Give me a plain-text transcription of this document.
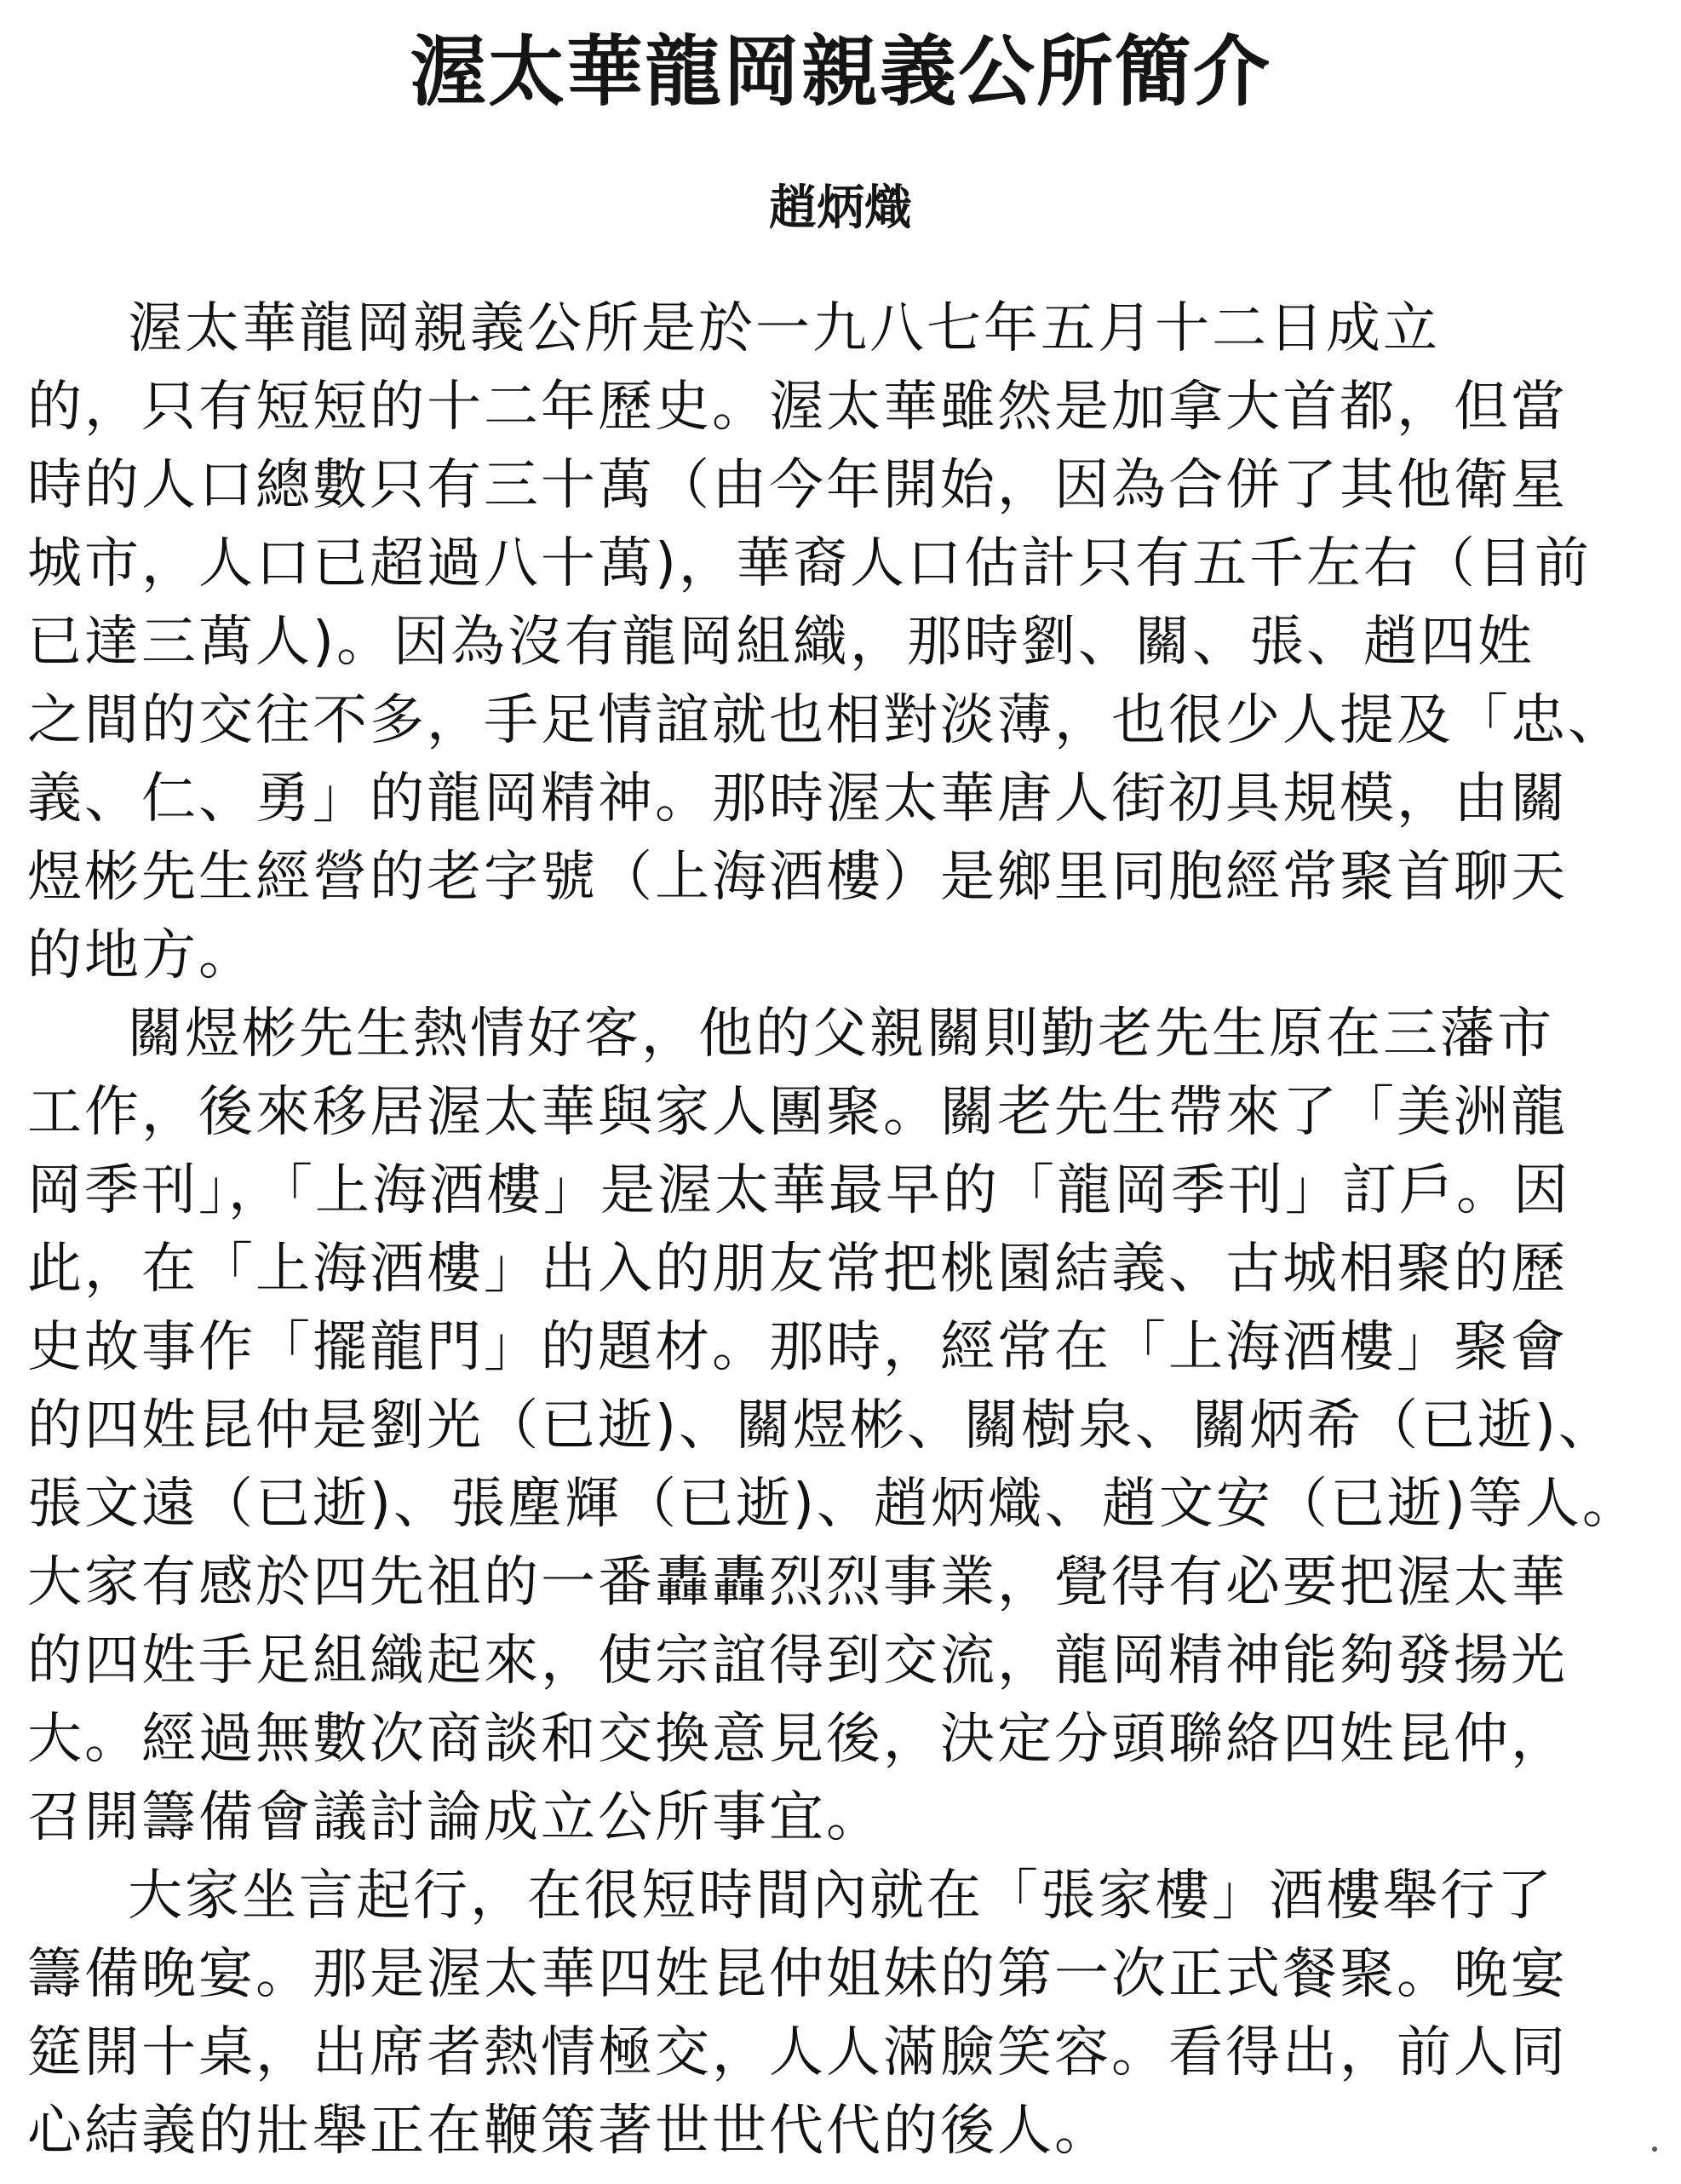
渥太華龍岡親義公所簡介
趙炳熾
渥太華龍岡親義公所是於一九八七年五月十二日成立
的，只有短短的十二年歷史。渥太華雖然是加拿大首都，但當
時的人口總數只有三十萬（由今年開始，因為合併了其他衛星
城市，人口已超過八十萬)，華裔人口估計只有五千左右（目前
已達三萬人)。因為沒有龍岡組織，那時劉、關、張、趙四姓
之間的交往不多，手足情誼就也相對淡薄，也很少人提及「忠、
義、仁、勇」的龍岡精神。那時渥太華唐人街初具規模，由關
煜彬先生經營的老字號（上海酒樓）是鄉里同胞經常聚首聊天
的地方。
關煜彬先生熱情好客，他的父親關則勤老先生原在三藩市
工作，後來移居渥太華與家人團聚。關老先生帶來了「美洲龍
岡季刊」，「上海酒樓」是渥太華最早的「龍岡季刊」訂戶。因
此，在「上海酒樓」出入的朋友常把桃園結義、古城相聚的歷
史故事作「擺龍門」的題材。那時，經常在「上海酒樓」聚會
的四姓昆仲是劉光（已逝)、關煜彬、關樹泉、關炳希（已逝)、
張文遠（已逝)、張塵輝（已逝)、趙炳熾、趙文安（已逝)等人。
大家有感於四先祖的一番轟轟烈烈事業，覺得有必要把渥太華
的四姓手足組織起來，使宗誼得到交流，龍岡精神能夠發揚光
大。經過無數次商談和交換意見後，決定分頭聯絡四姓昆仲，
召開籌備會議討論成立公所事宜。
大家坐言起行，在很短時間內就在「張家樓」酒樓舉行了
籌備晚宴。那是渥太華四姓昆仲姐妹的第一次正式餐聚。晚宴
筵開十桌，出席者熱情極交，人人滿臉笑容。看得出，前人同
心結義的壯舉正在鞭策著世世代代的後人。
